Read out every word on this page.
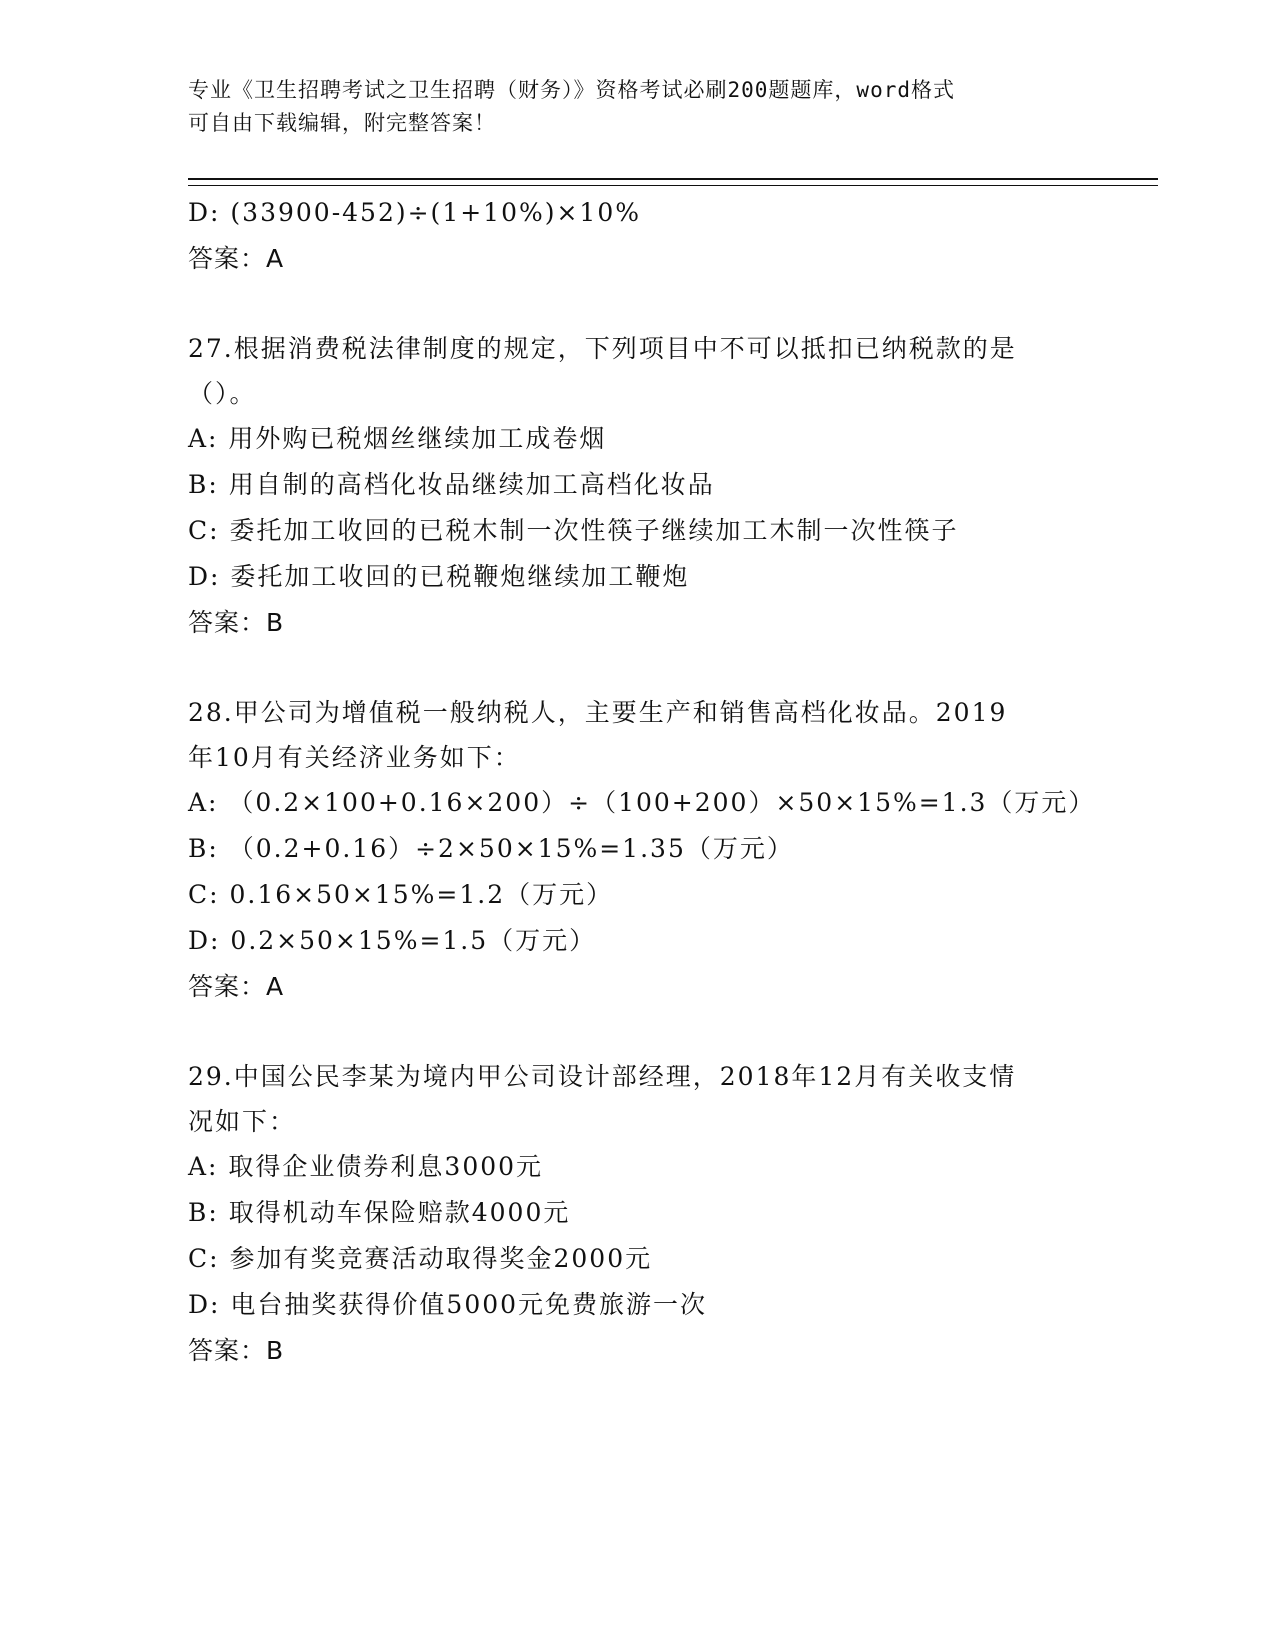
专业《卫生招聘考试之卫生招聘（财务）》资格考试必刷200题题库，word格式
可自由下载编辑，附完整答案！
D: (33900-452)÷(1+10%)×10%
答案：A
27.根据消费税法律制度的规定，下列项目中不可以抵扣已纳税款的是
（）。
A: 用外购已税烟丝继续加工成卷烟
B: 用自制的高档化妆品继续加工高档化妆品
C: 委托加工收回的已税木制一次性筷子继续加工木制一次性筷子
D: 委托加工收回的已税鞭炮继续加工鞭炮
答案：B
28.甲公司为增值税一般纳税人，主要生产和销售高档化妆品。2019
年10月有关经济业务如下：
A: （0.2×100+0.16×200）÷（100+200）×50×15%=1.3（万元）
B: （0.2+0.16）÷2×50×15%=1.35（万元）
C: 0.16×50×15%=1.2（万元）
D: 0.2×50×15%=1.5（万元）
答案：A
29.中国公民李某为境内甲公司设计部经理，2018年12月有关收支情
况如下：
A: 取得企业债券利息3000元
B: 取得机动车保险赔款4000元
C: 参加有奖竞赛活动取得奖金2000元
D: 电台抽奖获得价值5000元免费旅游一次
答案：B
